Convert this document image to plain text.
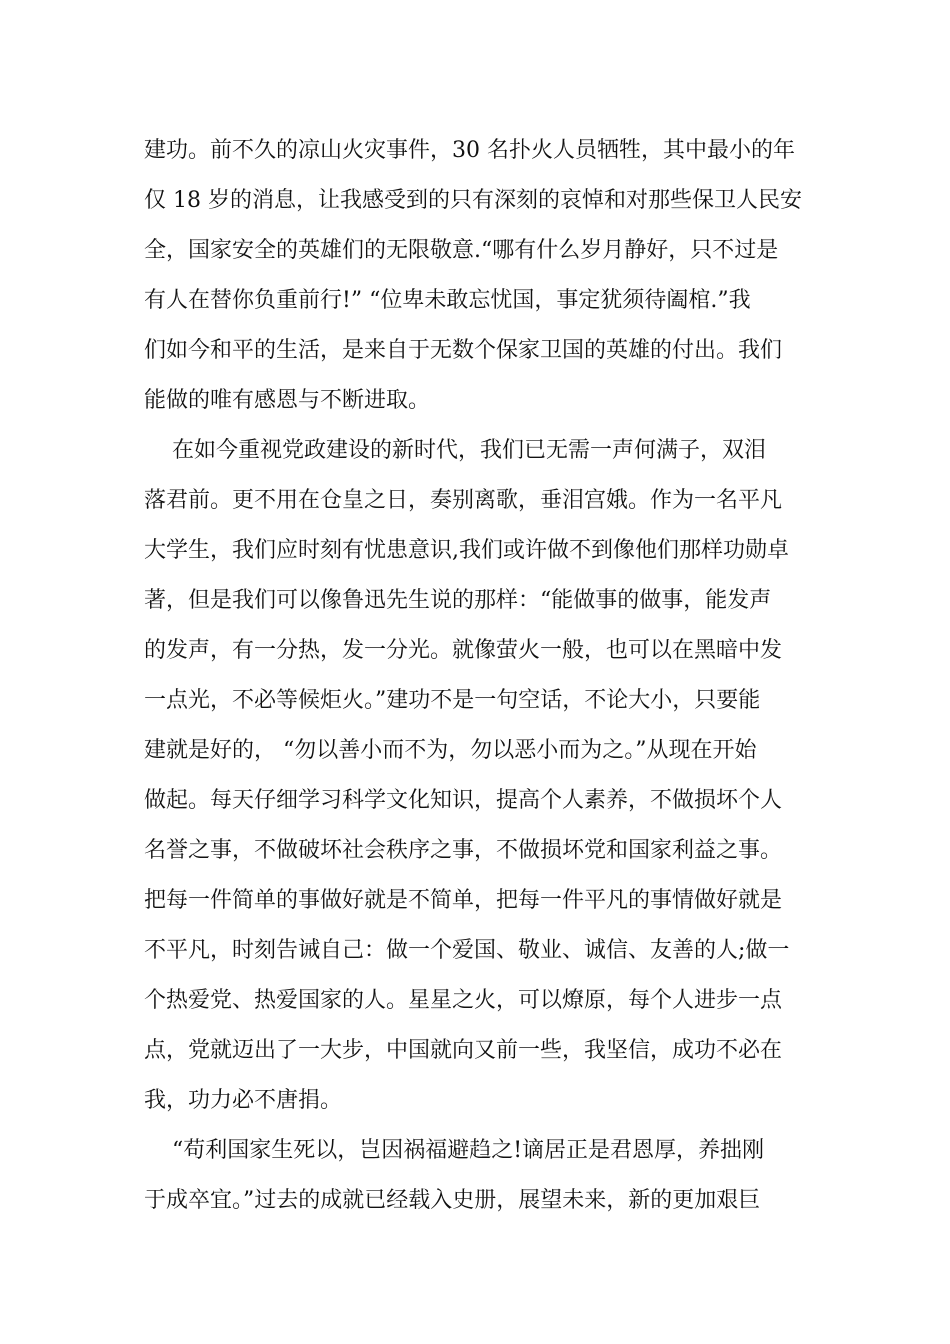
建功。前不久的凉山火灾事件，30 名扑火人员牺牲，其中最小的年
仅 18 岁的消息，让我感受到的只有深刻的哀悼和对那些保卫人民安
全，国家安全的英雄们的无限敬意.“哪有什么岁月静好，只不过是
有人在替你负重前行!” “位卑未敢忘忧国，事定犹须待阖棺.”我
们如今和平的生活，是来自于无数个保家卫国的英雄的付出。我们
能做的唯有感恩与不断进取。
在如今重视党政建设的新时代，我们已无需一声何满子，双泪
落君前。更不用在仓皇之日，奏别离歌，垂泪宫娥。作为一名平凡
大学生，我们应时刻有忧患意识,我们或许做不到像他们那样功勋卓
著，但是我们可以像鲁迅先生说的那样：“能做事的做事，能发声
的发声，有一分热，发一分光。就像萤火一般，也可以在黑暗中发
一点光，不必等候炬火。”建功不是一句空话，不论大小，只要能
建就是好的， “勿以善小而不为，勿以恶小而为之。”从现在开始
做起。每天仔细学习科学文化知识，提高个人素养，不做损坏个人
名誉之事，不做破坏社会秩序之事，不做损坏党和国家利益之事。
把每一件简单的事做好就是不简单，把每一件平凡的事情做好就是
不平凡，时刻告诫自己：做一个爱国、敬业、诚信、友善的人;做一
个热爱党、热爱国家的人。星星之火，可以燎原，每个人进步一点
点，党就迈出了一大步，中国就向又前一些，我坚信，成功不必在
我，功力必不唐捐。
“苟利国家生死以，岂因祸福避趋之!谪居正是君恩厚，养拙刚
于成卒宜。”过去的成就已经载入史册，展望未来，新的更加艰巨
